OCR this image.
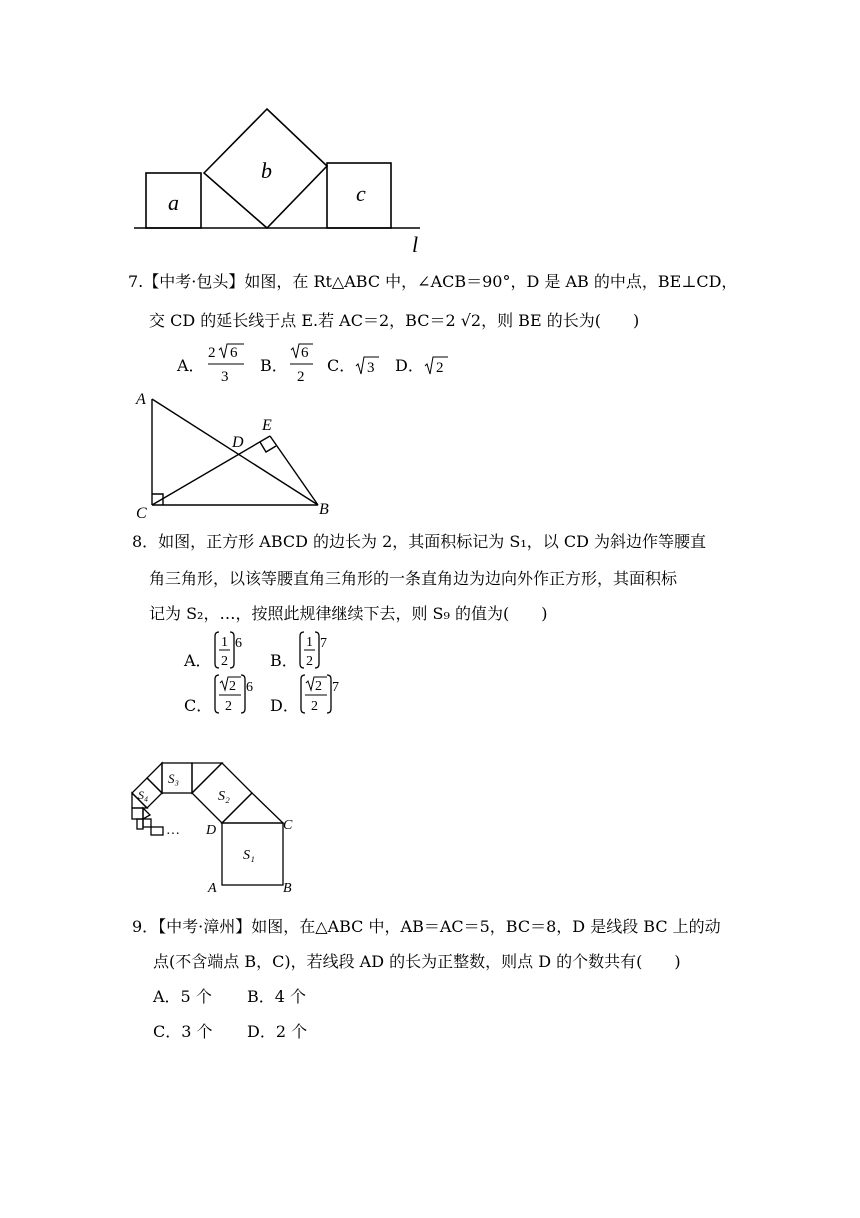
a
b
c
l
7.【中考·包头】如图，在 Rt△ABC 中，∠ACB＝90°，D 是 AB 的中点，BE⊥CD，
交 CD 的延长线于点 E.若 AC＝2，BC＝2 √2，则 BE 的长为(　　)
A．
2 6
3
B．
6
2
C． 3 D． 2
A
B
C
D
E
8．如图，正方形 ABCD 的边长为 2，其面积标记为 S₁，以 CD 为斜边作等腰直
角三角形，以该等腰直角三角形的一条直角边为边向外作正方形，其面积标
记为 S₂，…，按照此规律继续下去，则 S₉ 的值为(　　)
A．
1
2
6
B．
1
2
7
C．
2
2
6
D．
2
2
7
S₁
S₂
S₃
S₄
…
A	B
C
D
9．【中考·漳州】如图，在△ABC 中，AB＝AC＝5，BC＝8，D 是线段 BC 上的动
点(不含端点 B，C)，若线段 AD 的长为正整数，则点 D 的个数共有(　　)
A．5 个 B．4 个
C．3 个 D．2 个
